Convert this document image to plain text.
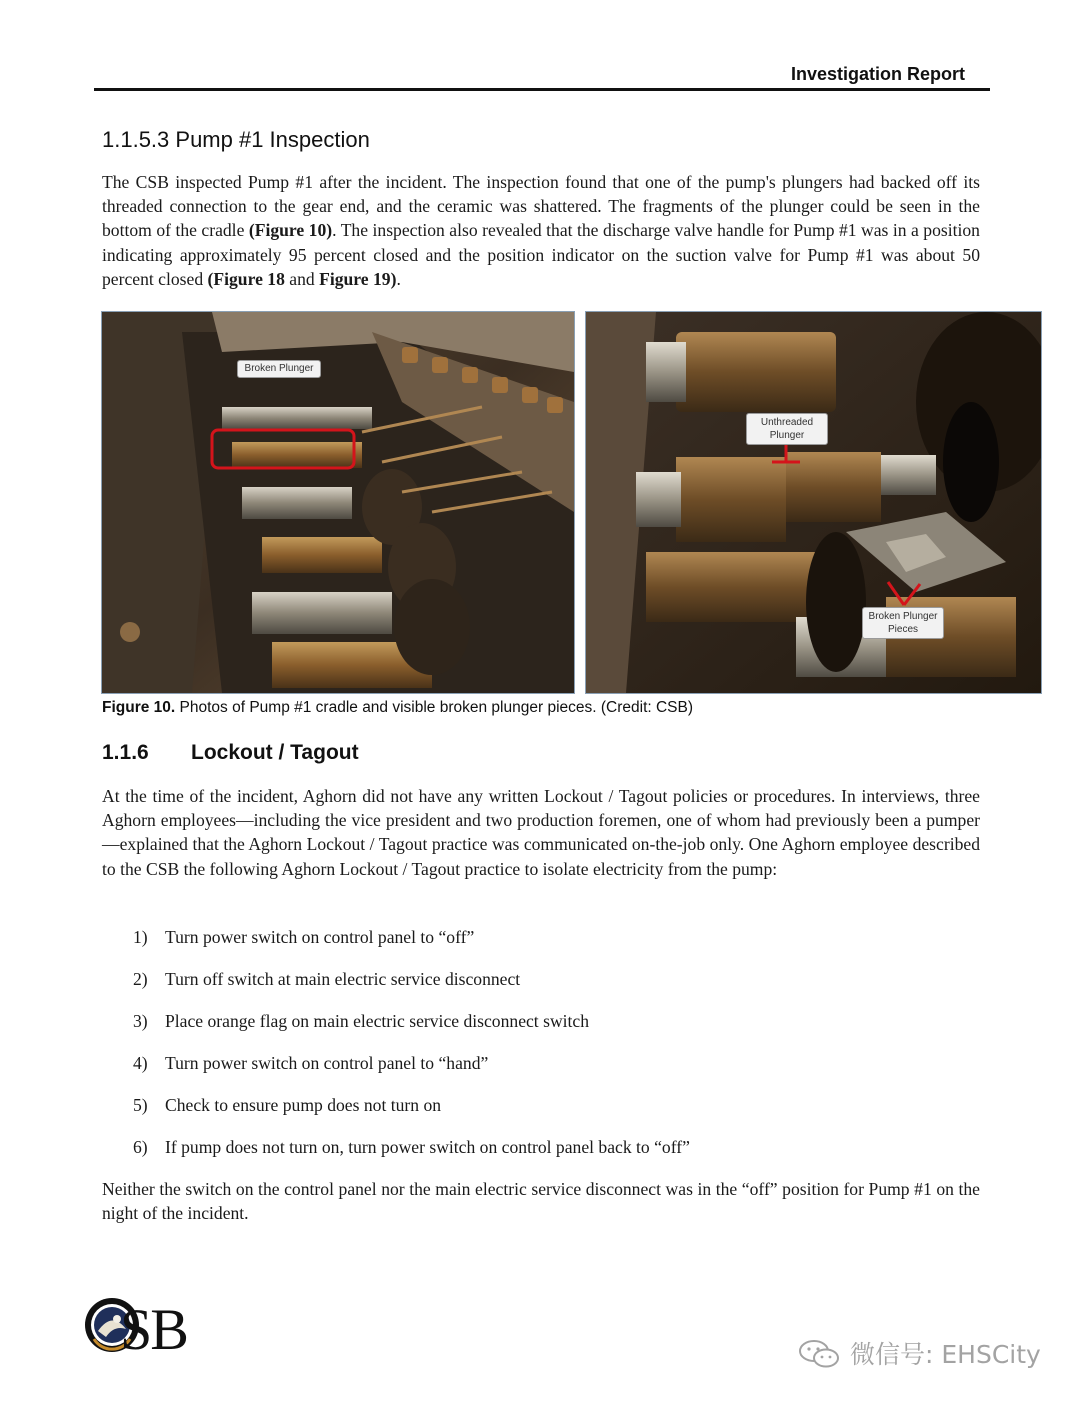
Investigation Report
1.1.5.3 Pump #1 Inspection
The CSB inspected Pump #1 after the incident. The inspection found that one of the pump's plungers had backed off its threaded connection to the gear end, and the ceramic was shattered. The fragments of the plunger could be seen in the bottom of the cradle (Figure 10). The inspection also revealed that the discharge valve handle for Pump #1 was in a position indicating approximately 95 percent closed and the position indicator on the suction valve for Pump #1 was about 50 percent closed (Figure 18 and Figure 19).
Broken Plunger
Unthreaded Plunger
Broken Plunger Pieces
Figure 10. Photos of Pump #1 cradle and visible broken plunger pieces. (Credit: CSB)
1.1.6 Lockout / Tagout
At the time of the incident, Aghorn did not have any written Lockout / Tagout policies or procedures. In interviews, three Aghorn employees—including the vice president and two production foremen, one of whom had previously been a pumper—explained that the Aghorn Lockout / Tagout practice was communicated on-the-job only. One Aghorn employee described to the CSB the following Aghorn Lockout / Tagout practice to isolate electricity from the pump:
1) Turn power switch on control panel to “off”
2) Turn off switch at main electric service disconnect
3) Place orange flag on main electric service disconnect switch
4) Turn power switch on control panel to “hand”
5) Check to ensure pump does not turn on
6) If pump does not turn on, turn power switch on control panel back to “off”
Neither the switch on the control panel nor the main electric service disconnect was in the “off” position for Pump #1 on the night of the incident.
SB	微信号: EHSCity
